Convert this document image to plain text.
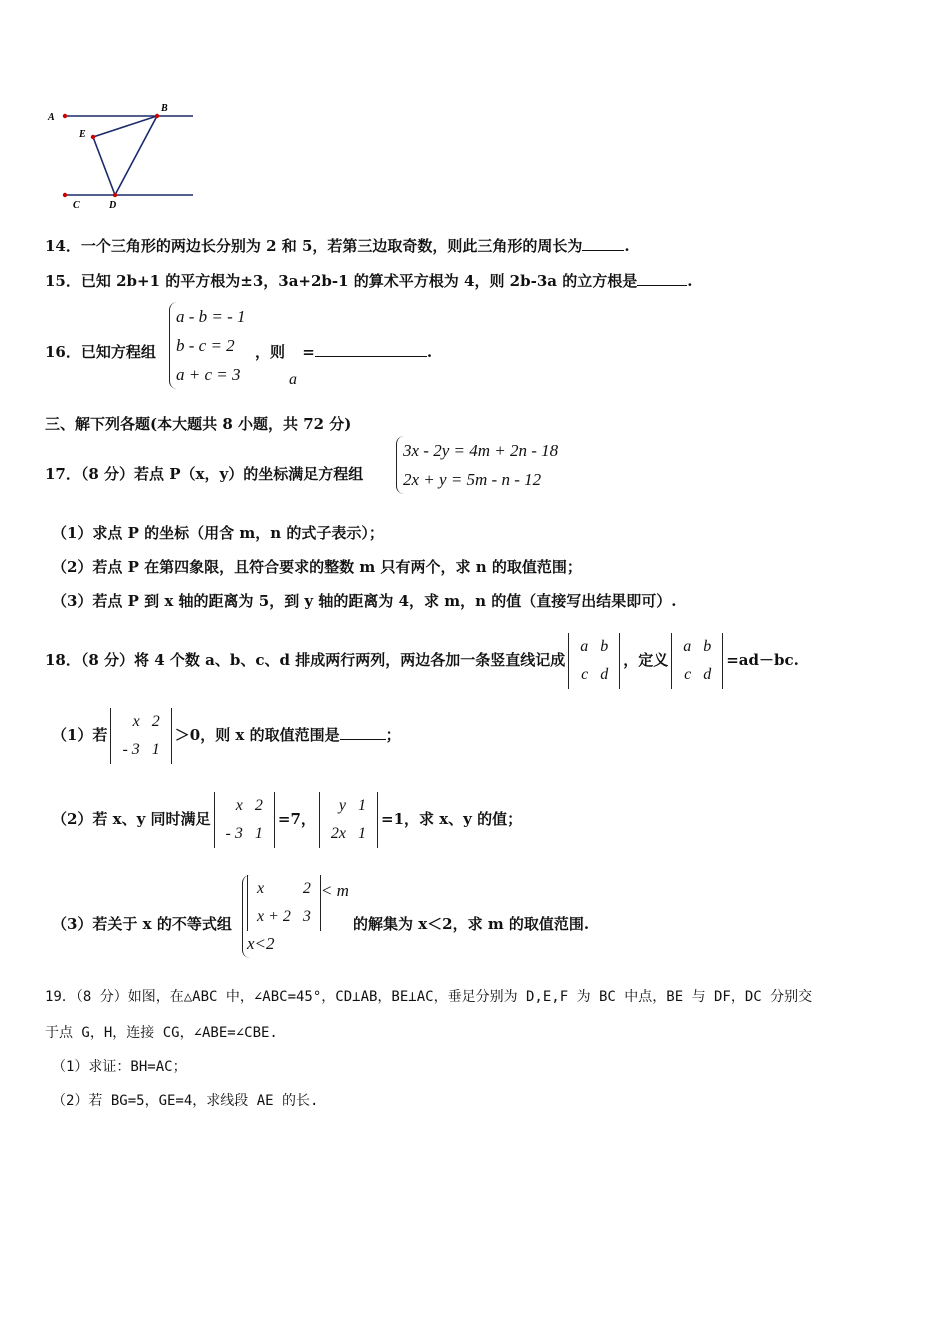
A
B
E
C	D
14．一个三角形的两边长分别为 2 和 5，若第三边取奇数，则此三角形的周长为	.
15．已知 2b+1 的平方根为±3，3a+2b-1 的算术平方根为 4，则 2b-3a 的立方根是	.
16．已知方程组
a - b = - 1
b - c = 2
a + c = 3
，则 =	.
a
三、解下列各题(本大题共 8 小题，共 72 分)
17．（8 分）若点 P（x，y）的坐标满足方程组
3x - 2y = 4m + 2n - 18
2x + y = 5m - n - 12
（1）求点 P 的坐标（用含 m，n 的式子表示）；
（2）若点 P 在第四象限，且符合要求的整数 m 只有两个，求 n 的取值范围；
（3）若点 P 到 x 轴的距离为 5，到 y 轴的距离为 4，求 m，n 的值（直接写出结果即可）.
18．（8 分）将 4 个数 a、b、c、d 排成两行两列，两边各加一条竖直线记成
a	b
c	d
，定义
a	b
c	d
=ad－bc.
（1）若
x	2
- 3	1
＞0，则 x 的取值范围是	；
（2）若 x、y 同时满足
x	2
- 3	1
=7，
y	1
2x	1
=1，求 x、y 的值；
（3）若关于 x 的不等式组
x	2
x + 2	3
< m
x<2
的解集为 x＜2，求 m 的取值范围.
19．（8 分）如图，在△ABC 中，∠ABC=45°，CD⊥AB，BE⊥AC，垂足分别为 D,E,F 为 BC 中点，BE 与 DF，DC 分别交
于点 G，H，连接 CG，∠ABE=∠CBE.
（1）求证：BH=AC；
（2）若 BG=5，GE=4，求线段 AE 的长.
